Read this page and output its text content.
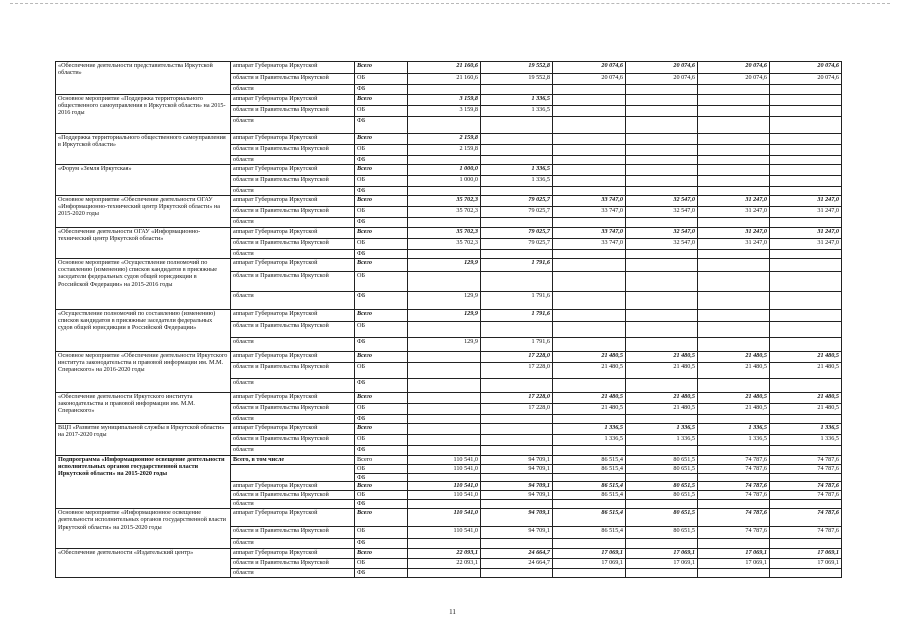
«Обеспечение деятельности представительства Иркутской области»	аппарат Губернатора Иркутской	Всего	21 160,6	19 552,8	20 074,6	20 074,6	20 074,6	20 074,6
	области и Правительства Иркутской	ОБ	21 160,6	19 552,8	20 074,6	20 074,6	20 074,6	20 074,6
	области	ФБ						
Основное мероприятие «Поддержка территориального общественного самоуправления в Иркутской области» на 2015-2016 годы	аппарат Губернатора Иркутской	Всего	3 159,8	1 336,5				
	области и Правительства Иркутской	ОБ	3 159,8	1 336,5				
	области	ФБ						
«Поддержка территориального общественного самоуправления в Иркутской области»	аппарат Губернатора Иркутской	Всего	2 159,8					
	области и Правительства Иркутской	ОБ	2 159,8					
	области	ФБ						
«Форум «Земля Иркутская»	аппарат Губернатора Иркутской	Всего	1 000,0	1 336,5				
	области и Правительства Иркутской	ОБ	1 000,0	1 336,5				
	области	ФБ						
Основное мероприятие «Обеспечение деятельности ОГАУ «Информационно-технический центр Иркутской области» на 2015-2020 годы	аппарат Губернатора Иркутской	Всего	35 702,3	79 025,7	33 747,0	32 547,0	31 247,0	31 247,0
	области и Правительства Иркутской	ОБ	35 702,3	79 025,7	33 747,0	32 547,0	31 247,0	31 247,0
	области	ФБ						
«Обеспечение деятельности ОГАУ «Информационно-технический центр Иркутской области»	аппарат Губернатора Иркутской	Всего	35 702,3	79 025,7	33 747,0	32 547,0	31 247,0	31 247,0
	области и Правительства Иркутской	ОБ	35 702,3	79 025,7	33 747,0	32 547,0	31 247,0	31 247,0
	области	ФБ						
Основное мероприятие «Осуществление полномочий по составлению (изменению) списков кандидатов в присяжные заседатели федеральных судов общей юрисдикции в Российской Федерации» на 2015-2016 годы	аппарат Губернатора Иркутской	Всего	129,9	1 791,6				
	области и Правительства Иркутской	ОБ						
	области	ФБ	129,9	1 791,6				
«Осуществление полномочий по составлению (изменению) списков кандидатов в присяжные заседатели федеральных судов общей юрисдикции в Российской Федерации»	аппарат Губернатора Иркутской	Всего	129,9	1 791,6				
	области и Правительства Иркутской	ОБ						
	области	ФБ	129,9	1 791,6				
Основное мероприятие «Обеспечение деятельности Иркутского института законодательства и правовой информации им. М.М. Сперанского» на 2016-2020 годы	аппарат Губернатора Иркутской	Всего		17 228,0	21 480,5	21 480,5	21 480,5	21 480,5
	области и Правительства Иркутской	ОБ		17 228,0	21 480,5	21 480,5	21 480,5	21 480,5
	области	ФБ						
«Обеспечение деятельности Иркутского института законодательства и правовой информации им. М.М. Сперанского»	аппарат Губернатора Иркутской	Всего		17 228,0	21 480,5	21 480,5	21 480,5	21 480,5
	области и Правительства Иркутской	ОБ		17 228,0	21 480,5	21 480,5	21 480,5	21 480,5
	области	ФБ						
ВЦП «Развитие муниципальной службы в Иркутской области» на 2017-2020 годы	аппарат Губернатора Иркутской	Всего			1 336,5	1 336,5	1 336,5	1 336,5
	области и Правительства Иркутской	ОБ			1 336,5	1 336,5	1 336,5	1 336,5
	области	ФБ						
Подпрограмма «Информационное освещение деятельности исполнительных органов государственной власти Иркутской области» на 2015-2020 годы	Всего, в том числе	Всего	110 541,0	94 709,1	86 515,4	80 651,5	74 787,6	74 787,6
		ОБ	110 541,0	94 709,1	86 515,4	80 651,5	74 787,6	74 787,6
		ФБ						
	аппарат Губернатора Иркутской	Всего	110 541,0	94 709,1	86 515,4	80 651,5	74 787,6	74 787,6
	области и Правительства Иркутской	ОБ	110 541,0	94 709,1	86 515,4	80 651,5	74 787,6	74 787,6
	области	ФБ						
Основное мероприятие «Информационное освещение деятельности исполнительных органов государственной власти Иркутской области» на 2015-2020 годы	аппарат Губернатора Иркутской	Всего	110 541,0	94 709,1	86 515,4	80 651,5	74 787,6	74 787,6
	области и Правительства Иркутской	ОБ	110 541,0	94 709,1	86 515,4	80 651,5	74 787,6	74 787,6
	области	ФБ						
«Обеспечение деятельности «Издательский центр»	аппарат Губернатора Иркутской	Всего	22 093,1	24 664,7	17 069,1	17 069,1	17 069,1	17 069,1
	области и Правительства Иркутской	ОБ	22 093,1	24 664,7	17 069,1	17 069,1	17 069,1	17 069,1
	области	ФБ						
11
